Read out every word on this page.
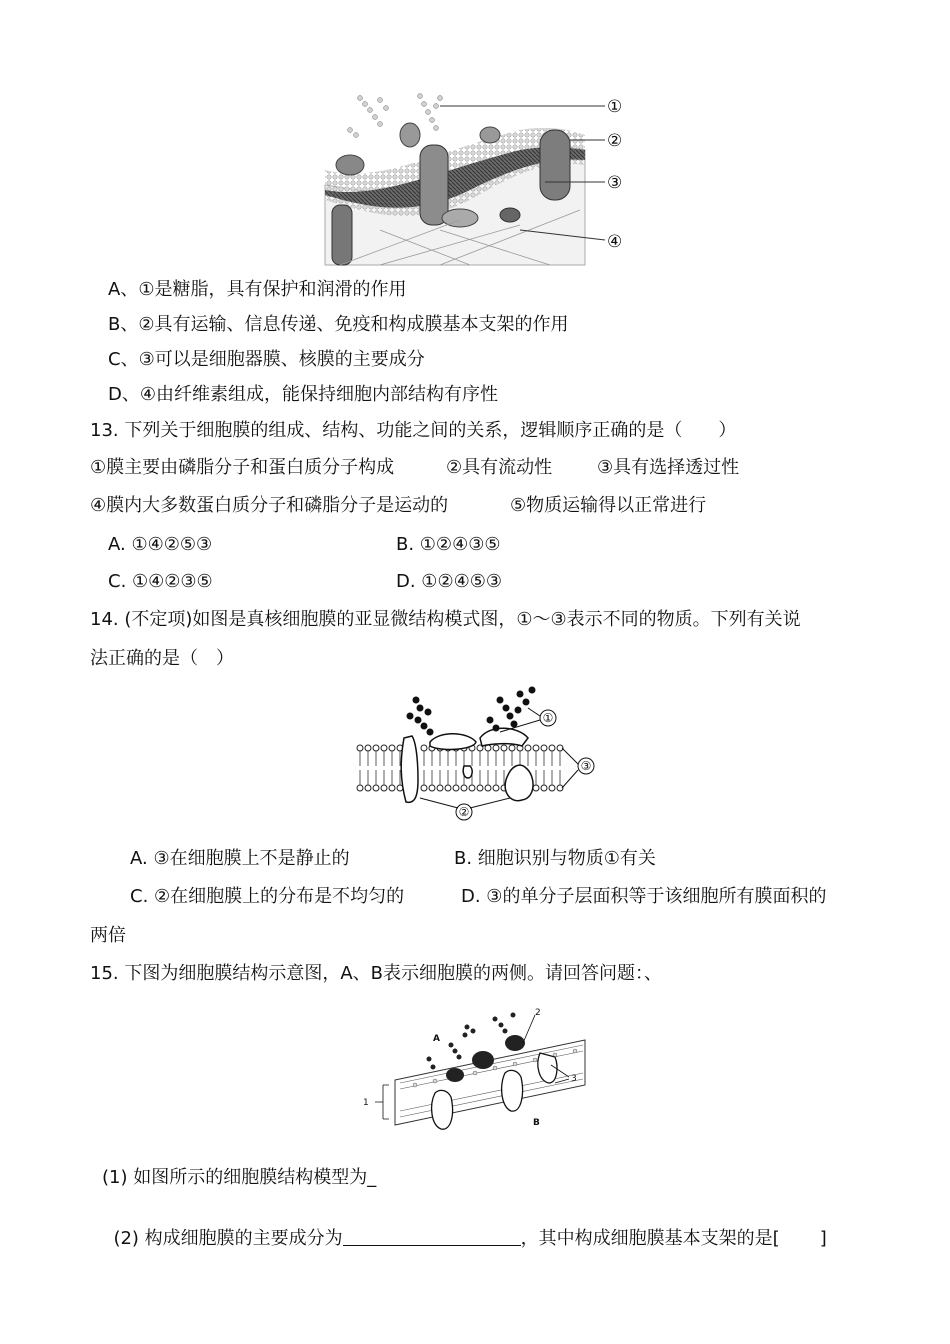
①
②
③
④
A、①是糖脂，具有保护和润滑的作用
B、②具有运输、信息传递、免疫和构成膜基本支架的作用
C、③可以是细胞器膜、核膜的主要成分
D、④由纤维素组成，能保持细胞内部结构有序性
13. 下列关于细胞膜的组成、结构、功能之间的关系，逻辑顺序正确的是（　　）
①膜主要由磷脂分子和蛋白质分子构成	②具有流动性 ③具有选择透过性
④膜内大多数蛋白质分子和磷脂分子是运动的	⑤物质运输得以正常进行
A. ①④②⑤③	B. ①②④③⑤
C. ①④②③⑤	D. ①②④⑤③
14. (不定项)如图是真核细胞膜的亚显微结构模式图，①～③表示不同的物质。下列有关说
法正确的是（　）
①
③
②
A. ③在细胞膜上不是静止的	B. 细胞识别与物质①有关
C. ②在细胞膜上的分布是不均匀的	D. ③的单分子层面积等于该细胞所有膜面积的
两倍
15. 下图为细胞膜结构示意图，A、B表示细胞膜的两侧。请回答问题：、
A
B
1
2
3
(1) 如图所示的细胞膜结构模型为_

(2) 构成细胞膜的主要成分为	，其中构成细胞膜基本支架的是[ ]
